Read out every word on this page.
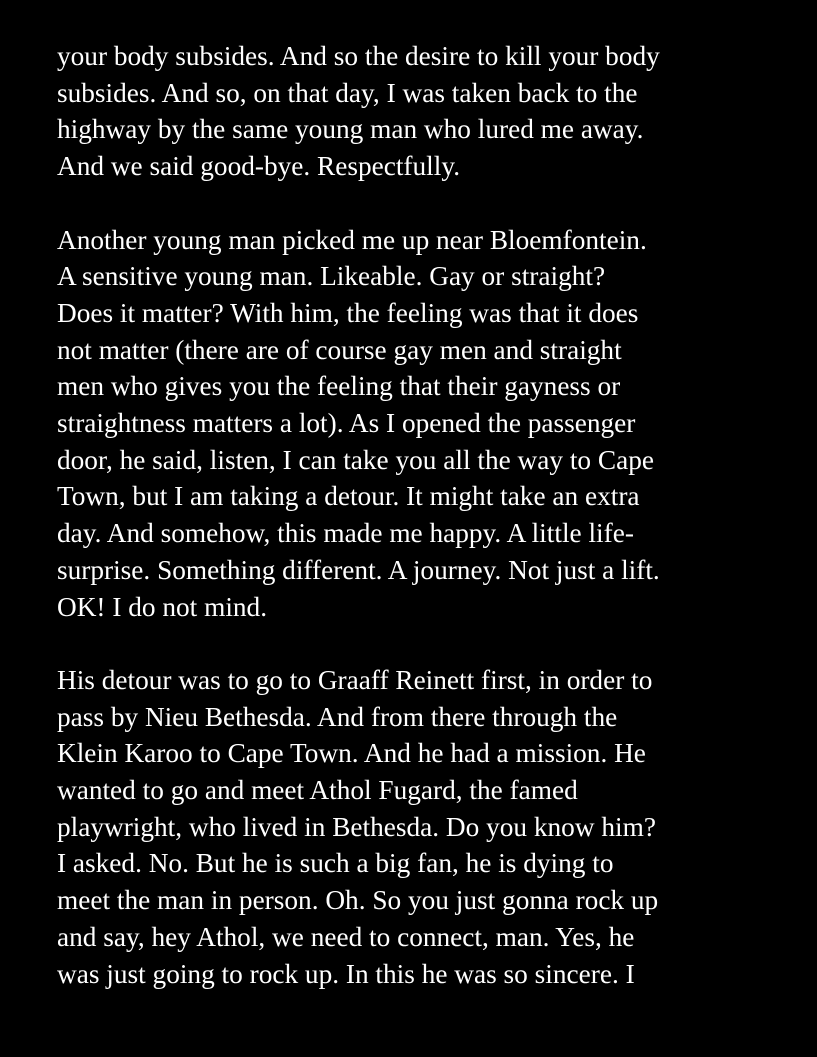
your body subsides. And so the desire to kill your body
subsides. And so, on that day, I was taken back to the
highway by the same young man who lured me away.
And we said good-bye. Respectfully.

Another young man picked me up near Bloemfontein.
A sensitive young man. Likeable. Gay or straight?
Does it matter? With him, the feeling was that it does
not matter (there are of course gay men and straight
men who gives you the feeling that their gayness or
straightness matters a lot). As I opened the passenger
door, he said, listen, I can take you all the way to Cape
Town, but I am taking a detour. It might take an extra
day. And somehow, this made me happy. A little life-
surprise. Something different. A journey. Not just a lift.
OK! I do not mind.

His detour was to go to Graaff Reinett first, in order to
pass by Nieu Bethesda. And from there through the
Klein Karoo to Cape Town. And he had a mission. He
wanted to go and meet Athol Fugard, the famed
playwright, who lived in Bethesda. Do you know him?
I asked. No. But he is such a big fan, he is dying to
meet the man in person. Oh. So you just gonna rock up
and say, hey Athol, we need to connect, man. Yes, he
was just going to rock up. In this he was so sincere. I
